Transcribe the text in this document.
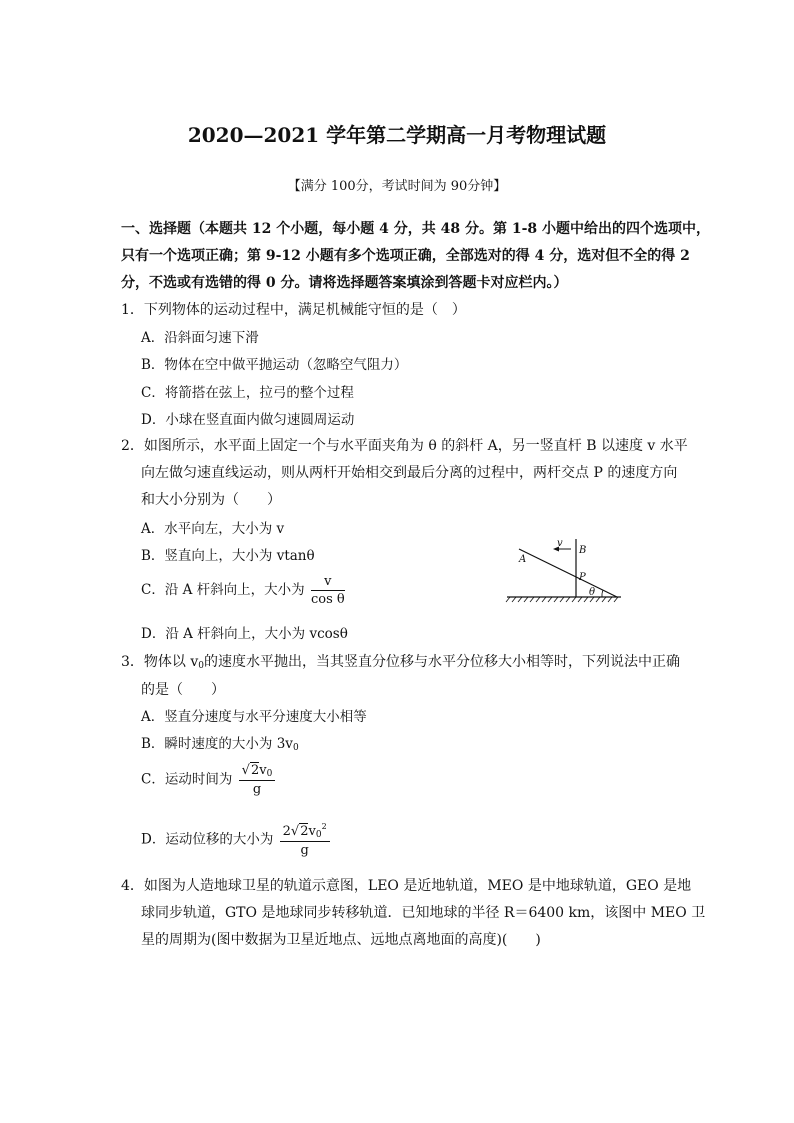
2020—2021 学年第二学期高一月考物理试题
【满分 100分，考试时间为 90分钟】
一、选择题（本题共 12 个小题，每小题 4 分，共 48 分。第 1-8 小题中给出的四个选项中，
只有一个选项正确；第 9-12 小题有多个选项正确，全部选对的得 4 分，选对但不全的得 2
分，不选或有选错的得 0 分。请将选择题答案填涂到答题卡对应栏内。）
1．下列物体的运动过程中，满足机械能守恒的是（　）
A．沿斜面匀速下滑
B．物体在空中做平抛运动（忽略空气阻力）
C．将箭搭在弦上，拉弓的整个过程
D．小球在竖直面内做匀速圆周运动
2．如图所示，水平面上固定一个与水平面夹角为 θ 的斜杆 A，另一竖直杆 B 以速度 v 水平
向左做匀速直线运动，则从两杆开始相交到最后分离的过程中，两杆交点 P 的速度方向
和大小分别为（　　）
A．水平向左，大小为 v
B．竖直向上，大小为 vtanθ
C．沿 A 杆斜向上，大小为 $\frac{v}{\text{cos θ}}$
D．沿 A 杆斜向上，大小为 vcosθ
v
B
A
P
θ
3．物体以 $v_0$的速度水平抛出，当其竖直分位移与水平分位移大小相等时，下列说法中正确
的是（　　）
A．竖直分速度与水平分速度大小相等
B．瞬时速度的大小为 $3v_0$
C．运动时间为 $\frac{√2v_0}{g}$
D．运动位移的大小为 $\frac{2√2v_0^2}{g}$
4．如图为人造地球卫星的轨道示意图，LEO 是近地轨道，MEO 是中地球轨道，GEO 是地
球同步轨道，GTO 是地球同步转移轨道．已知地球的半径 R＝6400 km，该图中 MEO 卫
星的周期为(图中数据为卫星近地点、远地点离地面的高度)(　　)
